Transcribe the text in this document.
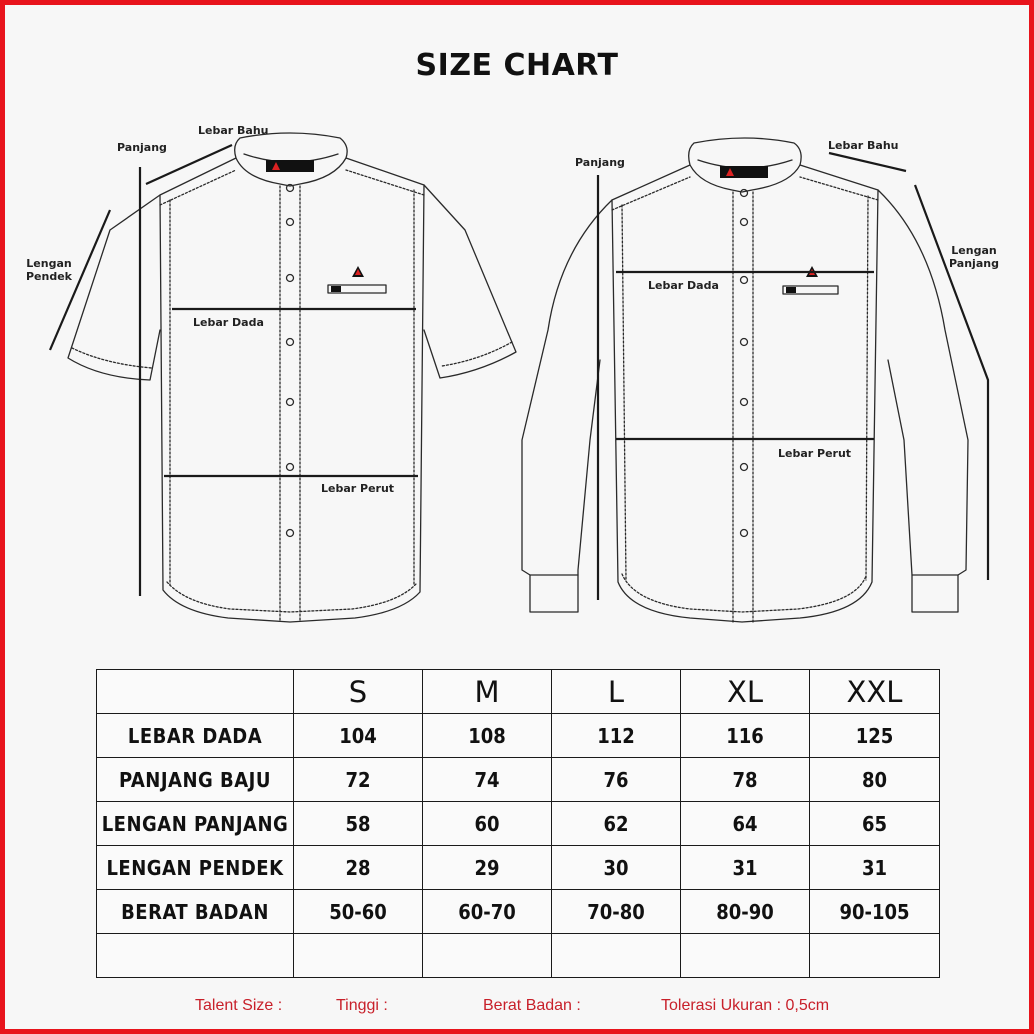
SIZE CHART
Lebar Bahu
Panjang
Lengan
Pendek
Lebar Dada
Lebar Perut
Lebar Bahu
Panjang
Lengan
Panjang
Lebar Dada
Lebar Perut
	S	M	L	XL	XXL
LEBAR DADA	104	108	112	116	125
PANJANG BAJU	72	74	76	78	80
LENGAN PANJANG	58	60	62	64	65
LENGAN PENDEK	28	29	30	31	31
BERAT BADAN	50-60	60-70	70-80	80-90	90-105

Talent Size :	Tinggi :	Berat Badan :	Tolerasi Ukuran : 0,5cm
